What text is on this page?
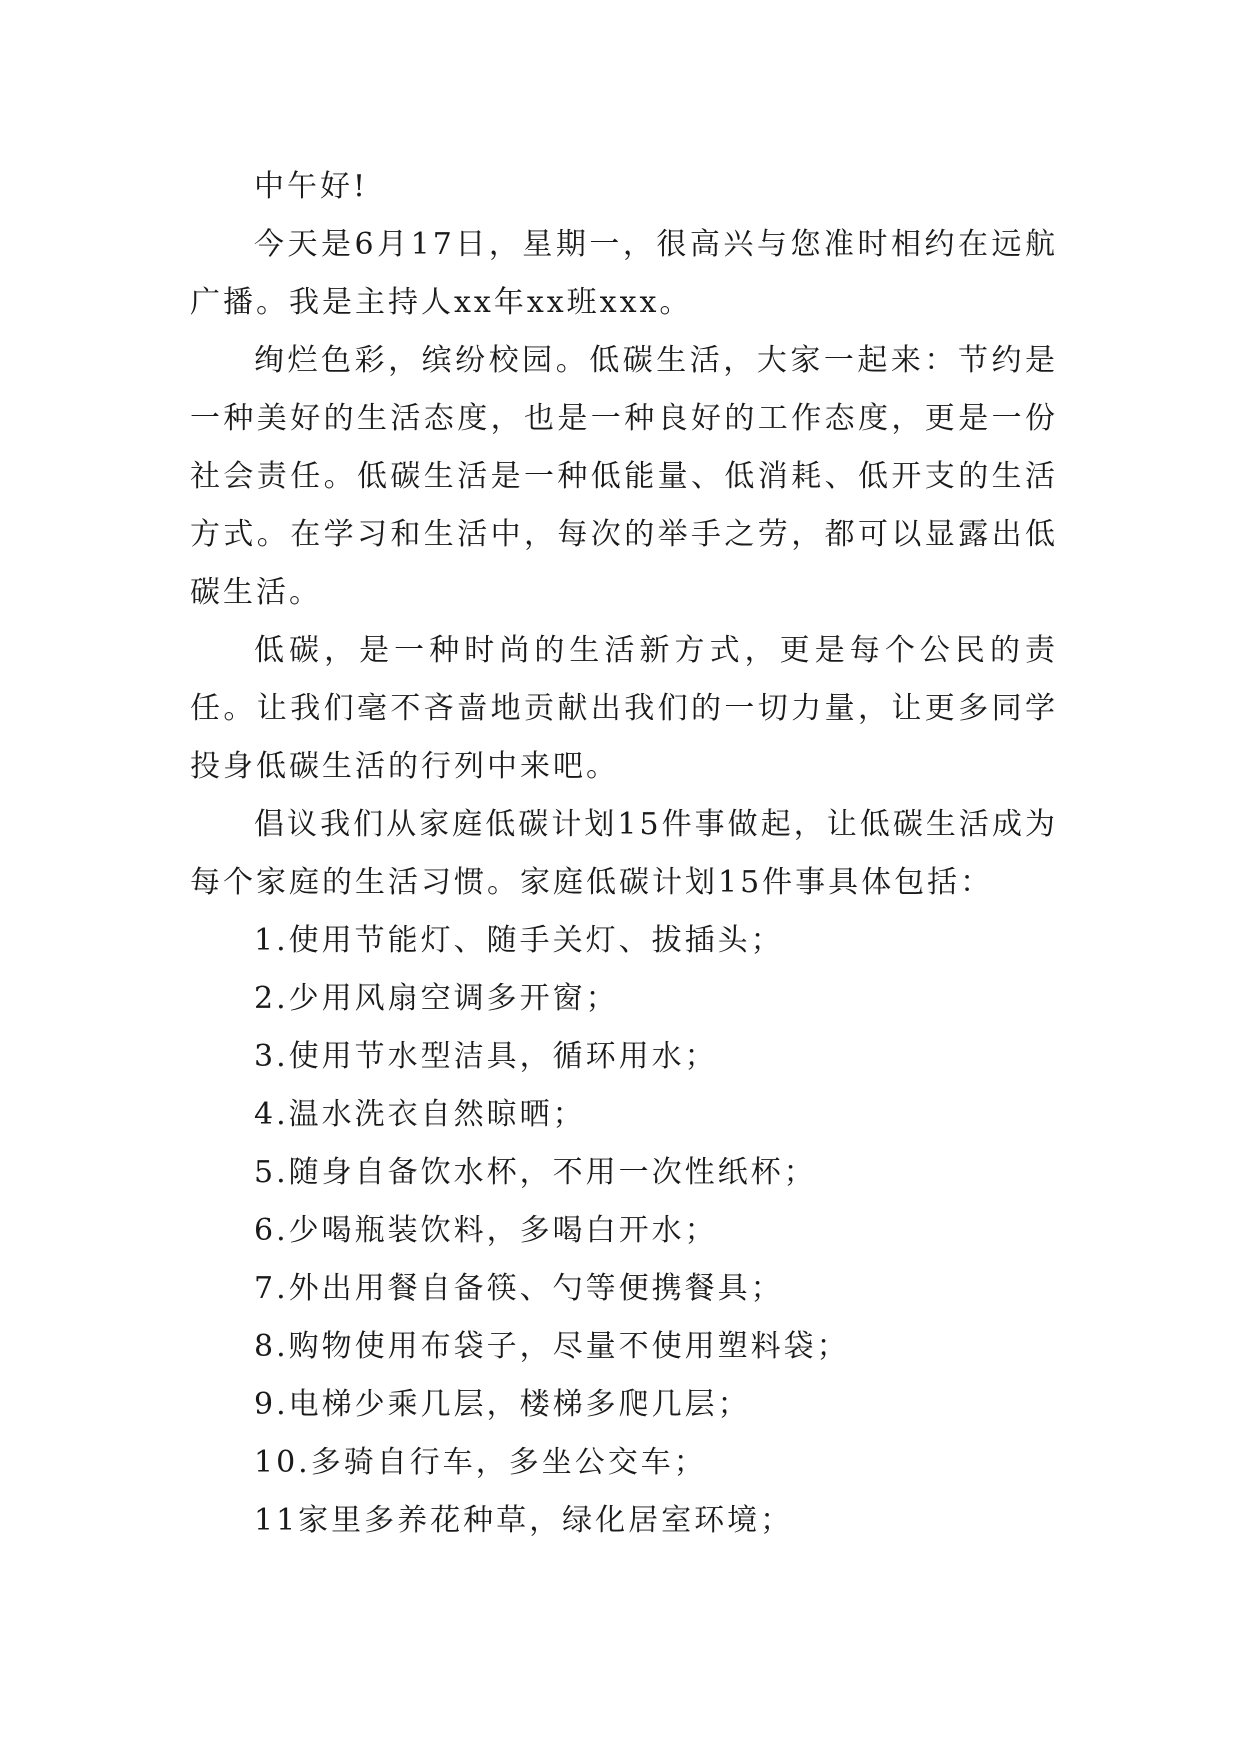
中午好!

今天是6月17日，星期一，很高兴与您准时相约在远航广播。我是主持人xx年xx班xxx。

绚烂色彩，缤纷校园。低碳生活，大家一起来：节约是一种美好的生活态度，也是一种良好的工作态度，更是一份社会责任。低碳生活是一种低能量、低消耗、低开支的生活方式。在学习和生活中，每次的举手之劳，都可以显露出低碳生活。

低碳，是一种时尚的生活新方式，更是每个公民的责任。让我们毫不吝啬地贡献出我们的一切力量，让更多同学投身低碳生活的行列中来吧。

倡议我们从家庭低碳计划15件事做起，让低碳生活成为每个家庭的生活习惯。家庭低碳计划15件事具体包括：

1.使用节能灯、随手关灯、拔插头；

2.少用风扇空调多开窗；

3.使用节水型洁具，循环用水；

4.温水洗衣自然晾晒；

5.随身自备饮水杯，不用一次性纸杯；

6.少喝瓶装饮料，多喝白开水；

7.外出用餐自备筷、勺等便携餐具；

8.购物使用布袋子，尽量不使用塑料袋；

9.电梯少乘几层，楼梯多爬几层；

10.多骑自行车，多坐公交车；

11家里多养花种草，绿化居室环境；
